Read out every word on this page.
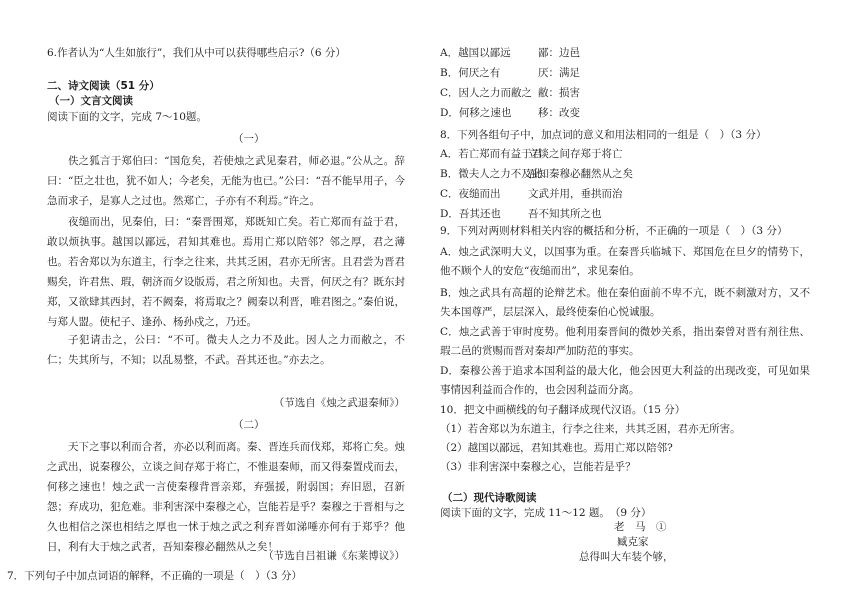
6.作者认为“人生如旅行”，我们从中可以获得哪些启示?（6 分）
二、诗文阅读（51 分）
（一）文言文阅读
阅读下面的文字，完成 7～10题。
（一）
佚之狐言于郑伯曰：“国危矣，若使烛之武见秦君，师必退。”公从之。辞曰：“臣之壮也，犹不如人；今老矣，无能为也已。”公曰：“吾不能早用子，今急而求子，是寡人之过也。然郑亡，子亦有不利焉。”许之。
夜缒而出，见秦伯，曰：“秦晋围郑，郑既知亡矣。若亡郑而有益于君，敢以烦执事。越国以鄙远，君知其难也。焉用亡郑以陪邻？邻之厚，君之薄也。若舍郑以为东道主，行李之往来，共其乏困，君亦无所害。且君尝为晋君赐矣，许君焦、瑕，朝济而夕设版焉，君之所知也。夫晋，何厌之有？既东封郑，又欲肆其西封，若不阙秦，将焉取之？阙秦以利晋，唯君图之。”秦伯说，与郑人盟。使杞子、逢孙、杨孙戍之，乃还。
子犯请击之，公曰：“不可。微夫人之力不及此。因人之力而敝之，不仁；失其所与，不知；以乱易整，不武。吾其还也。”亦去之。
（节选自《烛之武退秦师》）
（二）
天下之事以利而合者，亦必以利而离。秦、晋连兵而伐郑，郑将亡矣。烛之武出，说秦穆公，立谈之间存郑于将亡，不惟退秦师，而又得秦置戍而去，何移之速也！烛之武一言使秦穆背晋亲郑，弃强援，附弱国；弃旧恩，召新怨；弃成功，犯危难。非利害深中秦穆之心，岂能若是乎？秦穆之于晋相与之久也相信之深也相结之厚也一怵于烛之武之利弃晋如涕唾亦何有于郑乎？他日，利有大于烛之武者，吾知秦穆必翻然从之矣！
（节选自吕祖谦《东莱博议》）
7．下列句子中加点词语的解释，不正确的一项是（　）（3 分）
A．越国以鄙远	鄙：边邑
B．何厌之有	厌：满足
C．因人之力而敝之 敝：损害
D．何移之速也	移：改变
8．下列各组句子中，加点词的意义和用法相同的一组是（　）（3 分）
A．若亡郑而有益于君
立谈之间存郑于将亡
B．微夫人之力不及此
吾知秦穆必翻然从之矣
C．夜缒而出	文武并用，垂拱而治
D．吾其还也	吾不知其所之也
9．下列对两则材料相关内容的概括和分析，不正确的一项是（　）（3 分）
A．烛之武深明大义，以国事为重。在秦晋兵临城下、郑国危在旦夕的情势下，他不顾个人的安危“夜缒而出”，求见秦伯。
B．烛之武具有高超的论辩艺术。他在秦伯面前不卑不亢，既不刺激对方，又不失本国尊严，层层深入，最终使秦伯心悦诚服。
C．烛之武善于审时度势。他利用秦晋间的微妙关系，指出秦曾对晋有剂往焦、瑕二邑的赏赐而晋对秦却严加防范的事实。
D．秦穆公善于追求本国利益的最大化，他会因更大利益的出现改变，可见如果事情因利益而合作的，也会因利益而分离。
10．把文中画横线的句子翻译成现代汉语。（15 分）
（1）若舍郑以为东道主，行李之往来，共其乏困，君亦无所害。
（2）越国以鄙远，君知其难也。焉用亡郑以陪邻?
（3）非利害深中秦穆之心，岂能若是乎？
（二）现代诗歌阅读
阅读下面的文字，完成 11～12 题。　（9 分）
老　马　①
臧克家
总得叫大车装个够，
